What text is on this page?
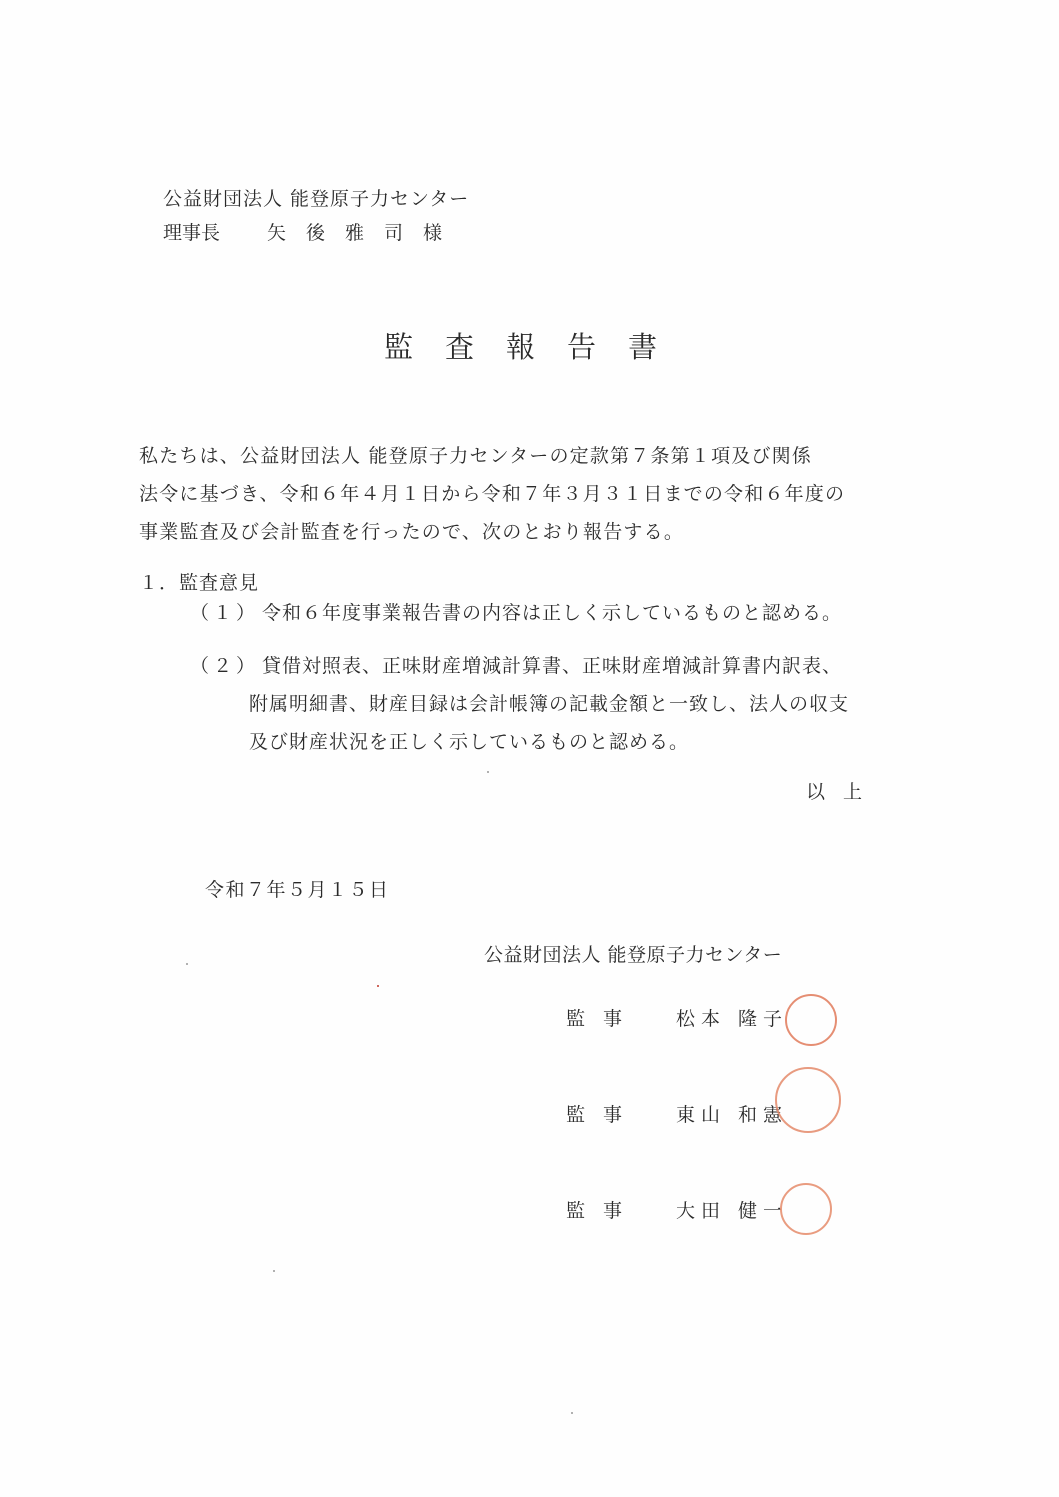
公益財団法人 能登原子力センター
理事長 矢後雅司様
監査報告書
私たちは、公益財団法人 能登原子力センターの定款第７条第１項及び関係
法令に基づき、令和６年４月１日から令和７年３月３１日までの令和６年度の
事業監査及び会計監査を行ったので、次のとおり報告する。
１．監査意見
（１） 令和６年度事業報告書の内容は正しく示しているものと認める。
（２） 貸借対照表、正味財産増減計算書、正味財産増減計算書内訳表、
附属明細書、財産目録は会計帳簿の記載金額と一致し、法人の収支
及び財産状況を正しく示しているものと認める。
以上
令和７年５月１５日
公益財団法人 能登原子力センター
監事 松本 隆子
監事 東山 和憲
監事 大田 健一
